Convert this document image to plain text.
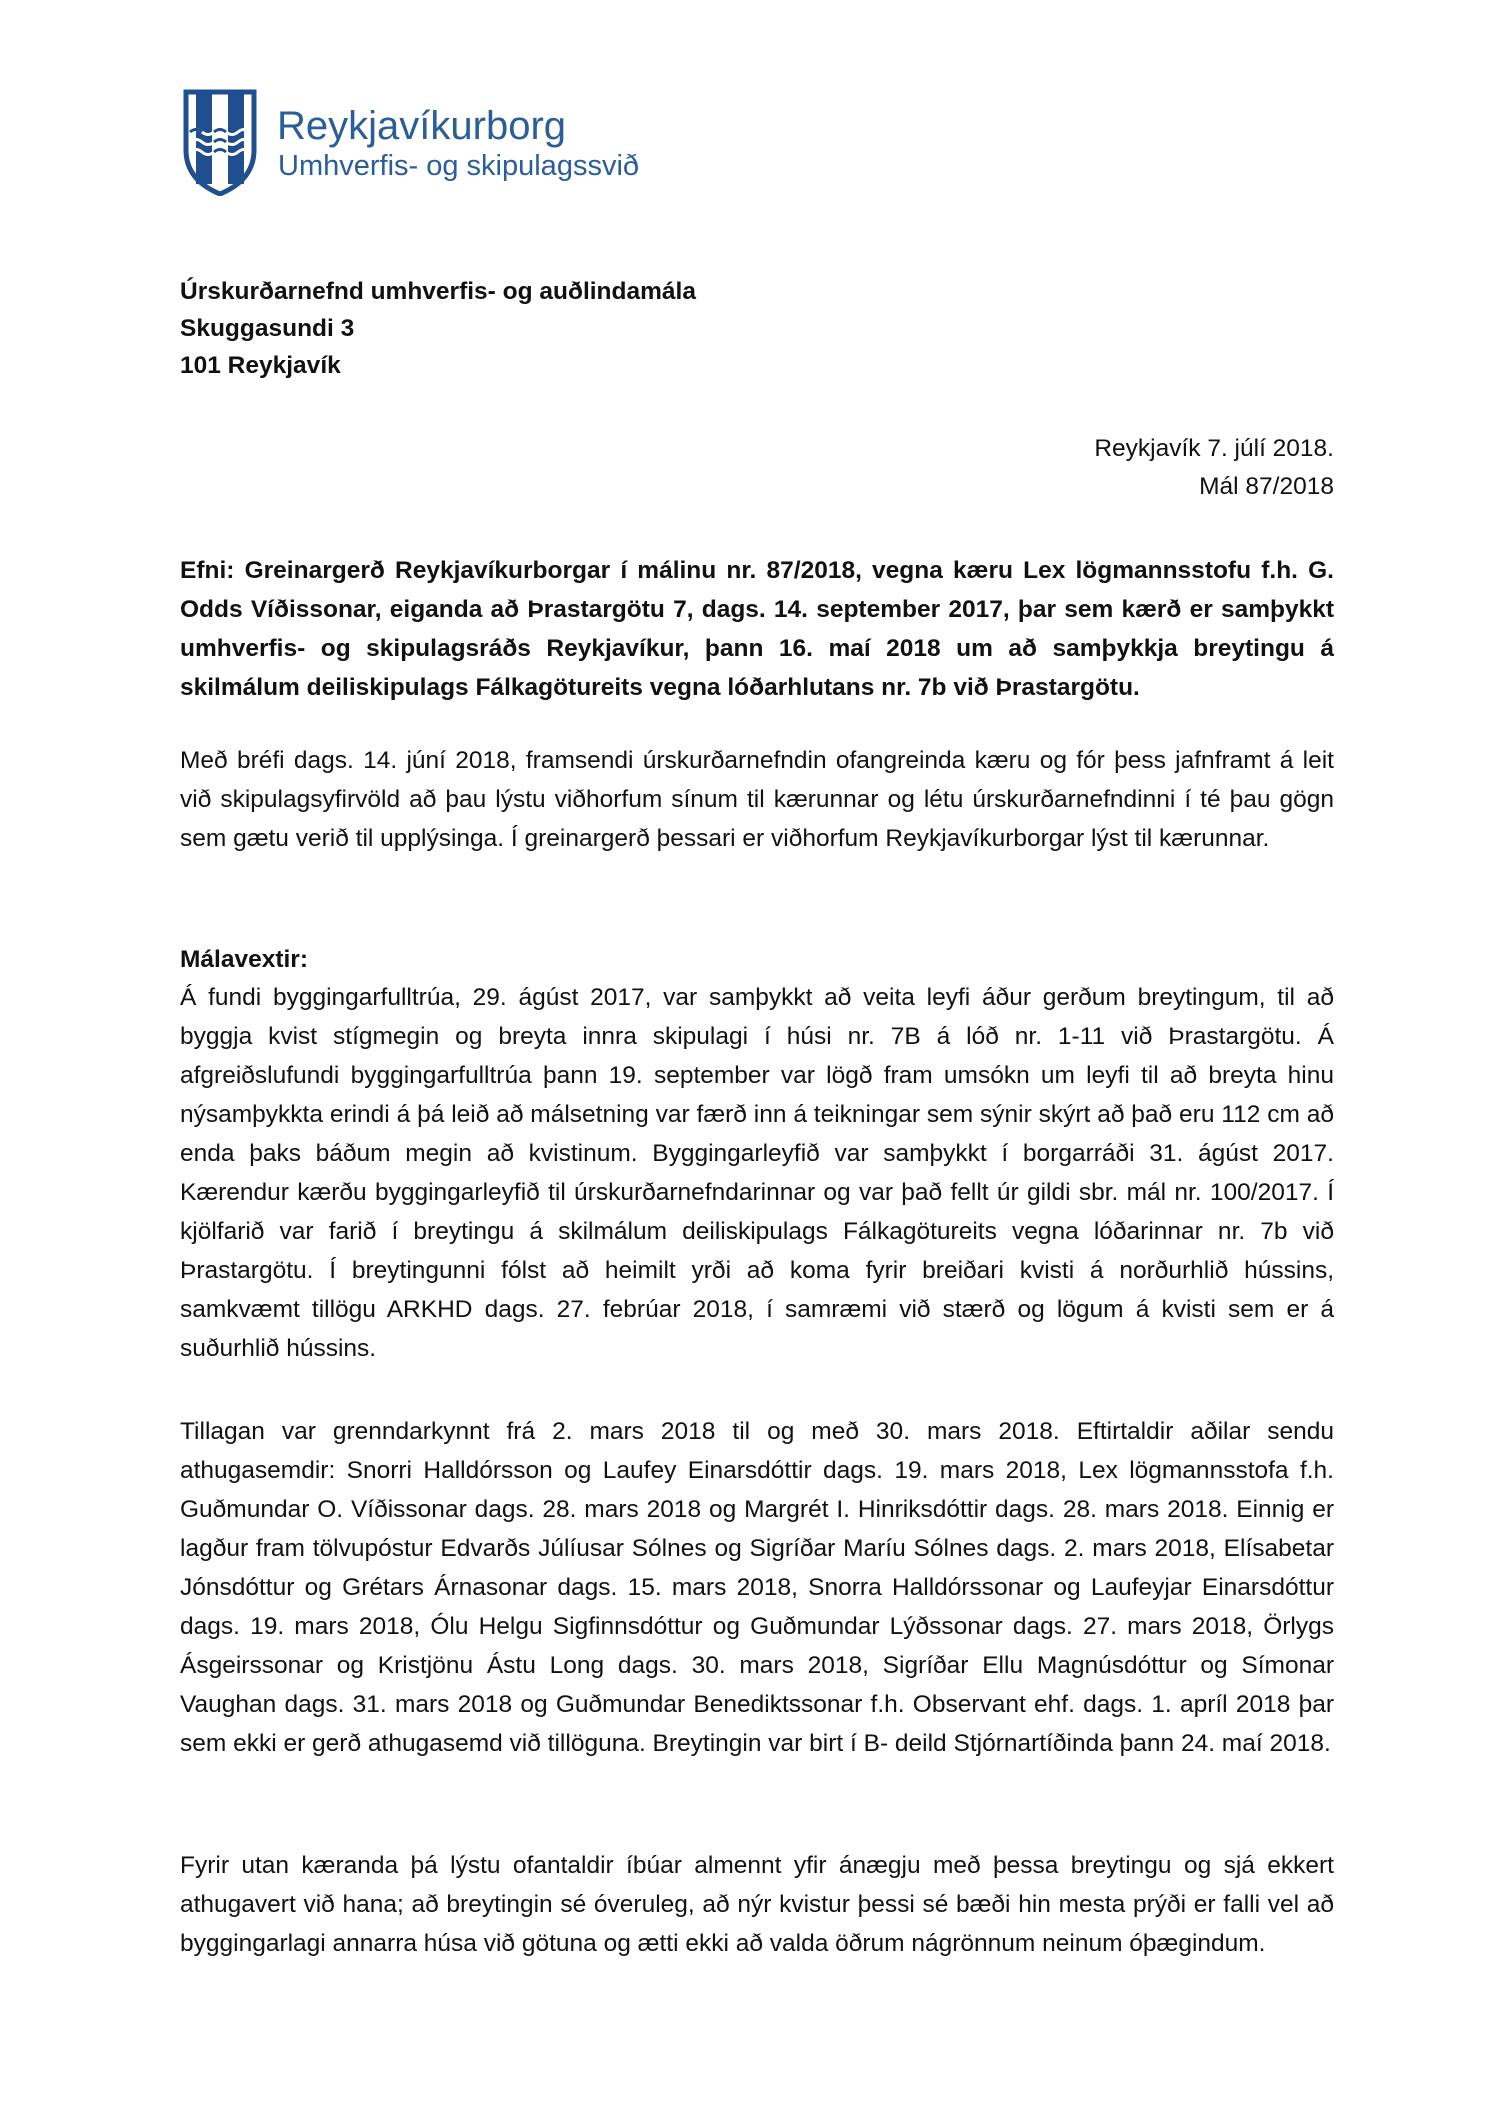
Reykjavíkurborg
Umhverfis- og skipulagssvið
Úrskurðarnefnd umhverfis- og auðlindamála
Skuggasundi 3
101 Reykjavík
Reykjavík 7. júlí 2018.
Mál 87/2018

Efni: Greinargerð Reykjavíkurborgar í málinu nr. 87/2018, vegna kæru Lex lögmannsstofu f.h. G. Odds Víðissonar, eiganda að Þrastargötu 7, dags. 14. september 2017, þar sem kærð er samþykkt umhverfis- og skipulagsráðs Reykjavíkur, þann 16. maí 2018 um að samþykkja breytingu á skilmálum deiliskipulags Fálkagötureits vegna lóðarhlutans nr. 7b við Þrastargötu.

Með bréfi dags. 14. júní 2018, framsendi úrskurðarnefndin ofangreinda kæru og fór þess jafnframt á leit við skipulagsyfirvöld að þau lýstu viðhorfum sínum til kærunnar og létu úrskurðarnefndinni í té þau gögn sem gætu verið til upplýsinga. Í greinargerð þessari er viðhorfum Reykjavíkurborgar lýst til kærunnar.

Málavextir:

Á fundi byggingarfulltrúa, 29. ágúst 2017, var samþykkt að veita leyfi áður gerðum breytingum, til að byggja kvist stígmegin og breyta innra skipulagi í húsi nr. 7B á lóð nr. 1-11 við Þrastargötu. Á afgreiðslufundi byggingarfulltrúa þann 19. september var lögð fram umsókn um leyfi til að breyta hinu nýsamþykkta erindi á þá leið að málsetning var færð inn á teikningar sem sýnir skýrt að það eru 112 cm að enda þaks báðum megin að kvistinum. Byggingarleyfið var samþykkt í borgarráði 31. ágúst 2017. Kærendur kærðu byggingarleyfið til úrskurðarnefndarinnar og var það fellt úr gildi sbr. mál nr. 100/2017. Í kjölfarið var farið í breytingu á skilmálum deiliskipulags Fálkagötureits vegna lóðarinnar nr. 7b við Þrastargötu. Í breytingunni fólst að heimilt yrði að koma fyrir breiðari kvisti á norðurhlið hússins, samkvæmt tillögu ARKHD dags. 27. febrúar 2018, í samræmi við stærð og lögum á kvisti sem er á suðurhlið hússins.

Tillagan var grenndarkynnt frá 2. mars 2018 til og með 30. mars 2018. Eftirtaldir aðilar sendu athugasemdir: Snorri Halldórsson og Laufey Einarsdóttir dags. 19. mars 2018, Lex lögmannsstofa f.h. Guðmundar O. Víðissonar dags. 28. mars 2018 og Margrét I. Hinriksdóttir dags. 28. mars 2018. Einnig er lagður fram tölvupóstur Edvarðs Júlíusar Sólnes og Sigríðar Maríu Sólnes dags. 2. mars 2018, Elísabetar Jónsdóttur og Grétars Árnasonar dags. 15. mars 2018, Snorra Halldórssonar og Laufeyjar Einarsdóttur dags. 19. mars 2018, Ólu Helgu Sigfinnsdóttur og Guðmundar Lýðssonar dags. 27. mars 2018, Örlygs Ásgeirssonar og Kristjönu Ástu Long dags. 30. mars 2018, Sigríðar Ellu Magnúsdóttur og Símonar Vaughan dags. 31. mars 2018 og Guðmundar Benediktssonar f.h. Observant ehf. dags. 1. apríl 2018 þar sem ekki er gerð athugasemd við tillöguna. Breytingin var birt í B- deild Stjórnartíðinda þann 24. maí 2018.

Fyrir utan kæranda þá lýstu ofantaldir íbúar almennt yfir ánægju með þessa breytingu og sjá ekkert athugavert við hana; að breytingin sé óveruleg, að nýr kvistur þessi sé bæði hin mesta prýði er falli vel að byggingarlagi annarra húsa við götuna og ætti ekki að valda öðrum nágrönnum neinum óþægindum.
